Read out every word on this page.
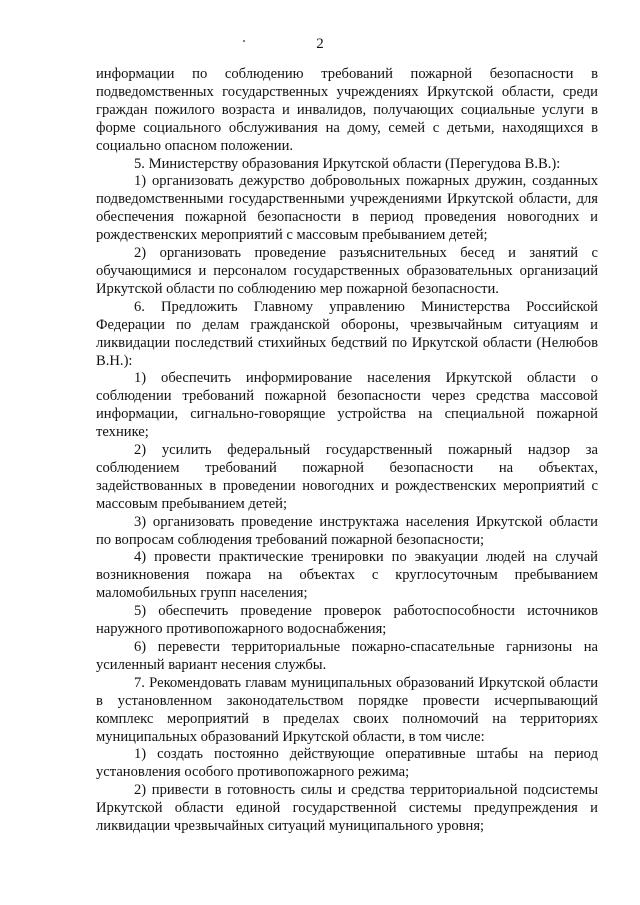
2

информации по соблюдению требований пожарной безопасности в подведомственных государственных учреждениях Иркутской области, среди граждан пожилого возраста и инвалидов, получающих социальные услуги в форме социального обслуживания на дому, семей с детьми, находящихся в социально опасном положении.

5. Министерству образования Иркутской области (Перегудова В.В.):

1) организовать дежурство добровольных пожарных дружин, созданных подведомственными государственными учреждениями Иркутской области, для обеспечения пожарной безопасности в период проведения новогодних и рождественских мероприятий с массовым пребыванием детей;

2) организовать проведение разъяснительных бесед и занятий с обучающимися и персоналом государственных образовательных организаций Иркутской области по соблюдению мер пожарной безопасности.

6. Предложить Главному управлению Министерства Российской Федерации по делам гражданской обороны, чрезвычайным ситуациям и ликвидации последствий стихийных бедствий по Иркутской области (Нелюбов В.Н.):

1) обеспечить информирование населения Иркутской области о соблюдении требований пожарной безопасности через средства массовой информации, сигнально-говорящие устройства на специальной пожарной технике;

2) усилить федеральный государственный пожарный надзор за соблюдением требований пожарной безопасности на объектах, задействованных в проведении новогодних и рождественских мероприятий с массовым пребыванием детей;

3) организовать проведение инструктажа населения Иркутской области по вопросам соблюдения требований пожарной безопасности;

4) провести практические тренировки по эвакуации людей на случай возникновения пожара на объектах с круглосуточным пребыванием маломобильных групп населения;

5) обеспечить проведение проверок работоспособности источников наружного противопожарного водоснабжения;

6) перевести территориальные пожарно-спасательные гарнизоны на усиленный вариант несения службы.

7. Рекомендовать главам муниципальных образований Иркутской области в установленном законодательством порядке провести исчерпывающий комплекс мероприятий в пределах своих полномочий на территориях муниципальных образований Иркутской области, в том числе:

1) создать постоянно действующие оперативные штабы на период установления особого противопожарного режима;

2) привести в готовность силы и средства территориальной подсистемы Иркутской области единой государственной системы предупреждения и ликвидации чрезвычайных ситуаций муниципального уровня;
